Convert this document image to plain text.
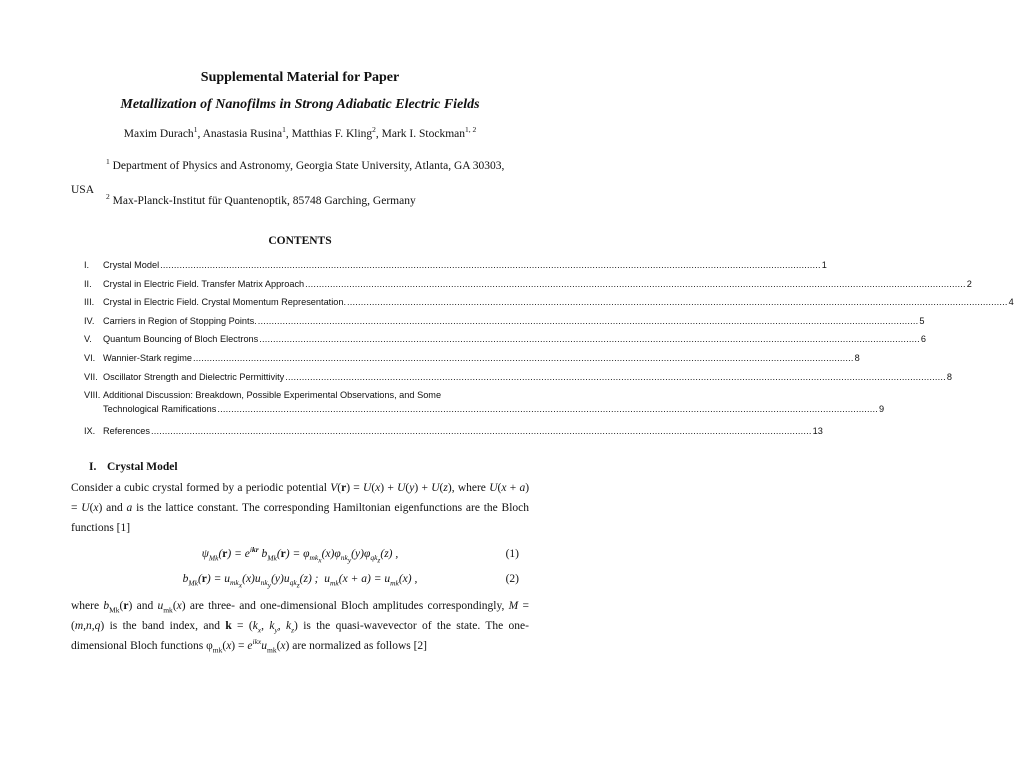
Supplemental Material for Paper
Metallization of Nanofilms in Strong Adiabatic Electric Fields
Maxim Durach$^1$, Anastasia Rusina$^1$, Matthias F. Kling$^2$, Mark I. Stockman$^{1, 2}$
$^1$ Department of Physics and Astronomy, Georgia State University, Atlanta, GA 30303,
USA
$^2$ Max-Planck-Institut für Quantenoptik, 85748 Garching, Germany
CONTENTS
I.	Crystal Model .....	1
II.	Crystal in Electric Field. Transfer Matrix Approach .....	2
III. Crystal in Electric Field. Crystal Momentum Representation. .....	4
IV. Carriers in Region of Stopping Points. .....	5
V.	Quantum Bouncing of Bloch Electrons .....	6
VI. Wannier-Stark regime .....	8
VII. Oscillator Strength and Dielectric Permittivity .....	8
VIII. Additional Discussion: Breakdown, Possible Experimental Observations, and Some
Technological Ramifications .....	9
IX. References .....	13
I. Crystal Model
Consider a cubic crystal formed by a periodic potential V(r) = U(x) + U(y) + U(z), where U(x + a) = U(x) and a is the lattice constant. The corresponding Hamiltonian eigenfunctions are the Bloch functions [1]
$\psi_{Mk}(r) = e^{ikr}$ $b_{Mk}(r) = \varphi_{mk_x}(x)\varphi_{nk_y}(y)\varphi_{qk_z}(z)$ ,	(1)
$b_{Mk}(r) = u_{mk_x}(x)u_{nk_y}(y)u_{qk_z}(z)$ ;  $u_{mk}(x + a) = u_{mk}(x)$ ,	(2)
where $b_{Mk}(r)$ and $u_{mk}(x)$ are three- and one-dimensional Bloch amplitudes correspondingly, M = (m,n,q) is the band index, and $k = (k_x$, $k_y$, $k_z$) is the quasi-wavevector of the state. The one-dimensional Bloch functions $\varphi_{mk}(x) = e^{ikx}u_{mk}(x)$ are normalized as follows [2]
